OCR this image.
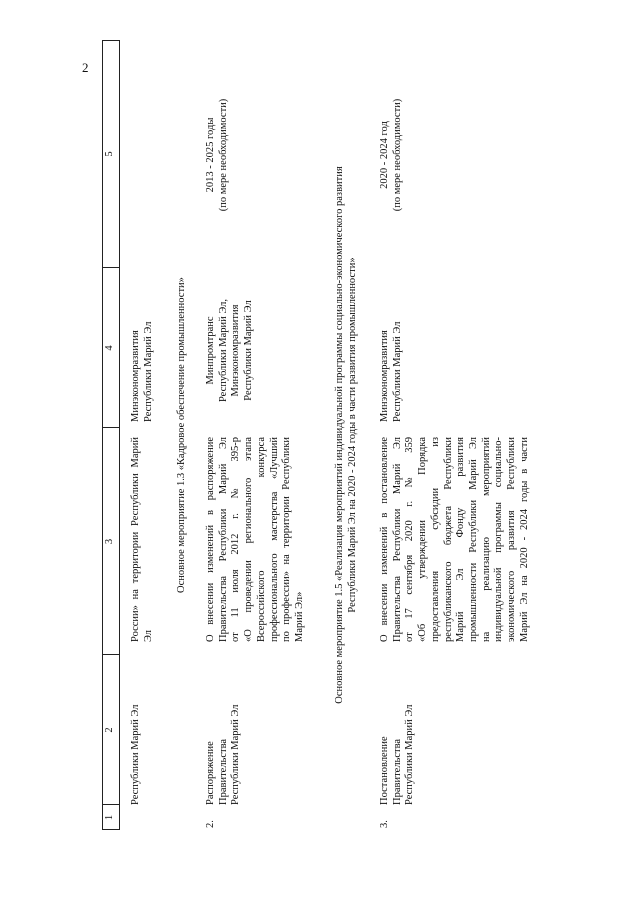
2
1
2
3
4
5
Республики Марий Эл
России» на территории Республики Марий Эл
Минэкономразвития Республики Марий Эл Основное мероприятие 1.3 «Кадровое обеспечение промышленности»
2.
Распоряжение Правительства Республики Марий Эл
О внесении изменений в распоряжение Правительства Республики Марий Эл от 11 июля 2012 г. № 395-р «О проведении регионального этапа Всероссийского конкурса профессионального мастерства «Лучший по профессии» на территории Республики Марий Эл»
Минпромтранс Республики Марий Эл, Минэкономразвития Республики Марий Эл
2013 - 2025 годы (по мере необходимости)
Основное мероприятие 1.5 «Реализация мероприятий индивидуальной программы социально-экономического развития Республики Марий Эл на 2020 - 2024 годы в части развития промышленности»
3.
Постановление Правительства Республики Марий Эл
О внесении изменений в постановление Правительства Республики Марий Эл от 17 сентября 2020 г. № 359 «Об утверждении Порядка предоставления субсидии из республиканского бюджета Республики Марий Эл Фонду развития промышленности Республики Марий Эл на реализацию мероприятий индивидуальной программы социально- экономического развития Республики Марий Эл на 2020 - 2024 годы в части
Минэкономразвития Республики Марий Эл
2020 - 2024 год (по мере необходимости)
